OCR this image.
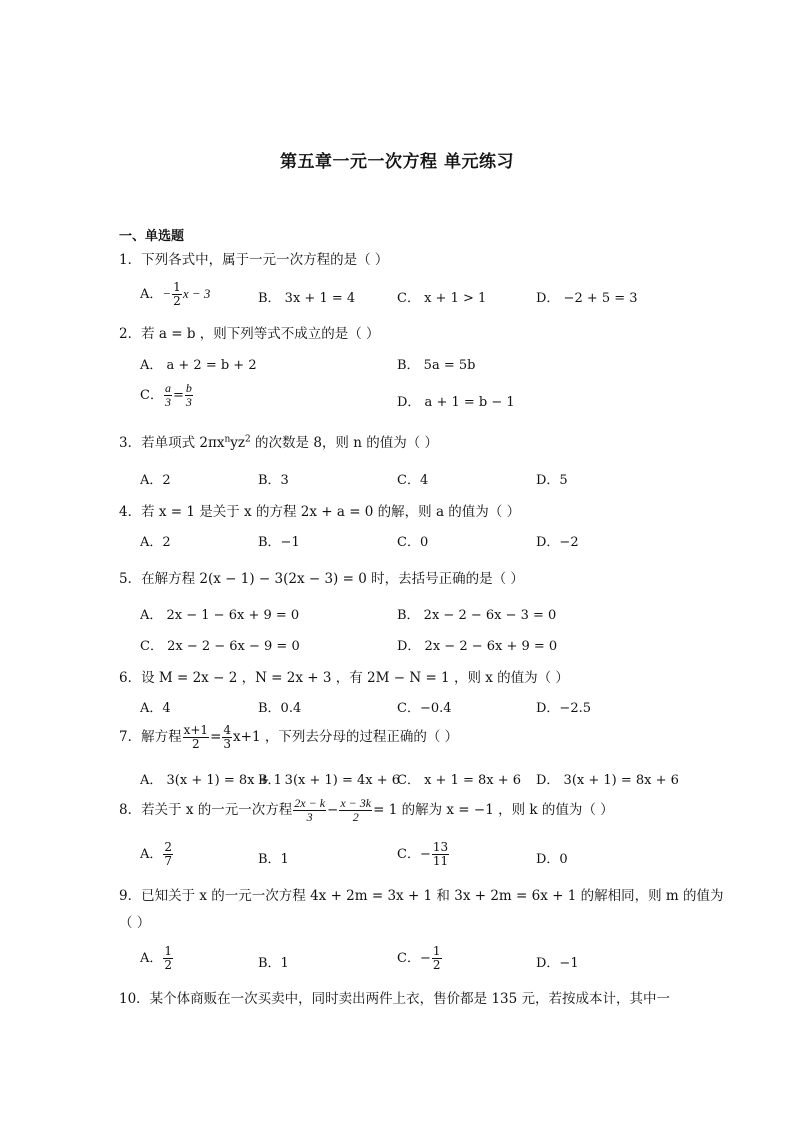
第五章一元一次方程 单元练习
一、单选题
1．下列各式中，属于一元一次方程的是（ ）
A．− $\frac{1}{2}$ x − 3	B． 3x + 1 = 4	C． x + 1 > 1	D． −2 + 5 = 3
2．若 a = b ，则下列等式不成立的是（ ）
A． a + 2 = b + 2	B． 5a = 5b
C． $\frac{a}{3} = \frac{b}{3}$	D． a + 1 = b − 1
3．若单项式 $2\pi x^nyz^2$ 的次数是 8，则 n 的值为（ ）
A．2	B．3	C．4	D．5
4．若 x = 1 是关于 x 的方程 2x + a = 0 的解，则 a 的值为（ ）
A．2	B．−1	C．0	D．−2
5．在解方程 2(x − 1) − 3(2x − 3) = 0 时，去括号正确的是（ ）
A． 2x − 1 − 6x + 9 = 0	B． 2x − 2 − 6x − 3 = 0
C． 2x − 2 − 6x − 9 = 0	D． 2x − 2 − 6x + 9 = 0
6．设 M = 2x − 2 ，N = 2x + 3 ，有 2M − N = 1 ，则 x 的值为（ ）
A．4	B．0.4	C．−0.4	D．−2.5
7．解方程 $\frac{x+1}{2} = \frac{4}{3} x+1$ ，下列去分母的过程正确的（ ）
A． 3(x + 1) = 8x + 1
B． 3(x + 1) = 4x + 6
C． x + 1 = 8x + 6 D． 3(x + 1) = 8x + 6
8．若关于 x 的一元一次方程 $\frac{2x - k}{3} - \frac{x - 3k}{2} = 1$ 的解为 x = −1 ，则 k 的值为（ ）
A． $\frac{2}{7}$	B．1	C．− $\frac{13}{11}$	D．0
9．已知关于 x 的一元一次方程 4x + 2m = 3x + 1 和 3x + 2m = 6x + 1 的解相同，则 m 的值为
（ ）
A． $\frac{1}{2}$	B．1	C．− $\frac{1}{2}$	D．−1
10．某个体商贩在一次买卖中，同时卖出两件上衣，售价都是 135 元，若按成本计，其中一
